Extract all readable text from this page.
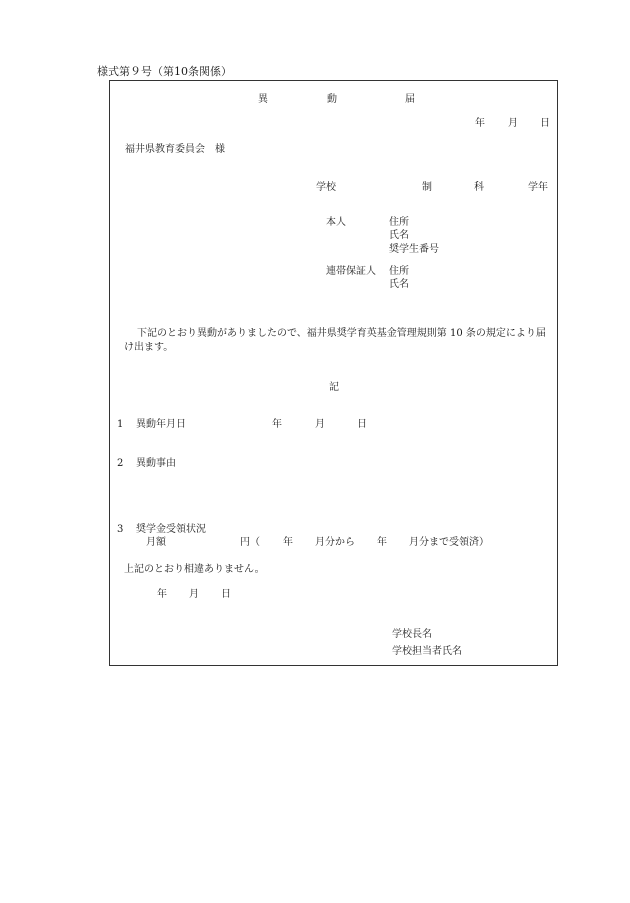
様式第９号（第10条関係）
異	動	届
年 月 日
福井県教育委員会　様
学校	制	科	学年
本人	住所
氏名
奨学生番号
連帯保証人 住所
氏名
下記のとおり異動がありましたので、福井県奨学育英基金管理規則第 10 条の規定により届け出ます。
記
1 異動年月日	年	月	日
2 異動事由
3 奨学金受領状況
月額	円（ 年 月分から 年 月分まで受領済）
上記のとおり相違ありません。
年 月 日
学校長名
学校担当者氏名
